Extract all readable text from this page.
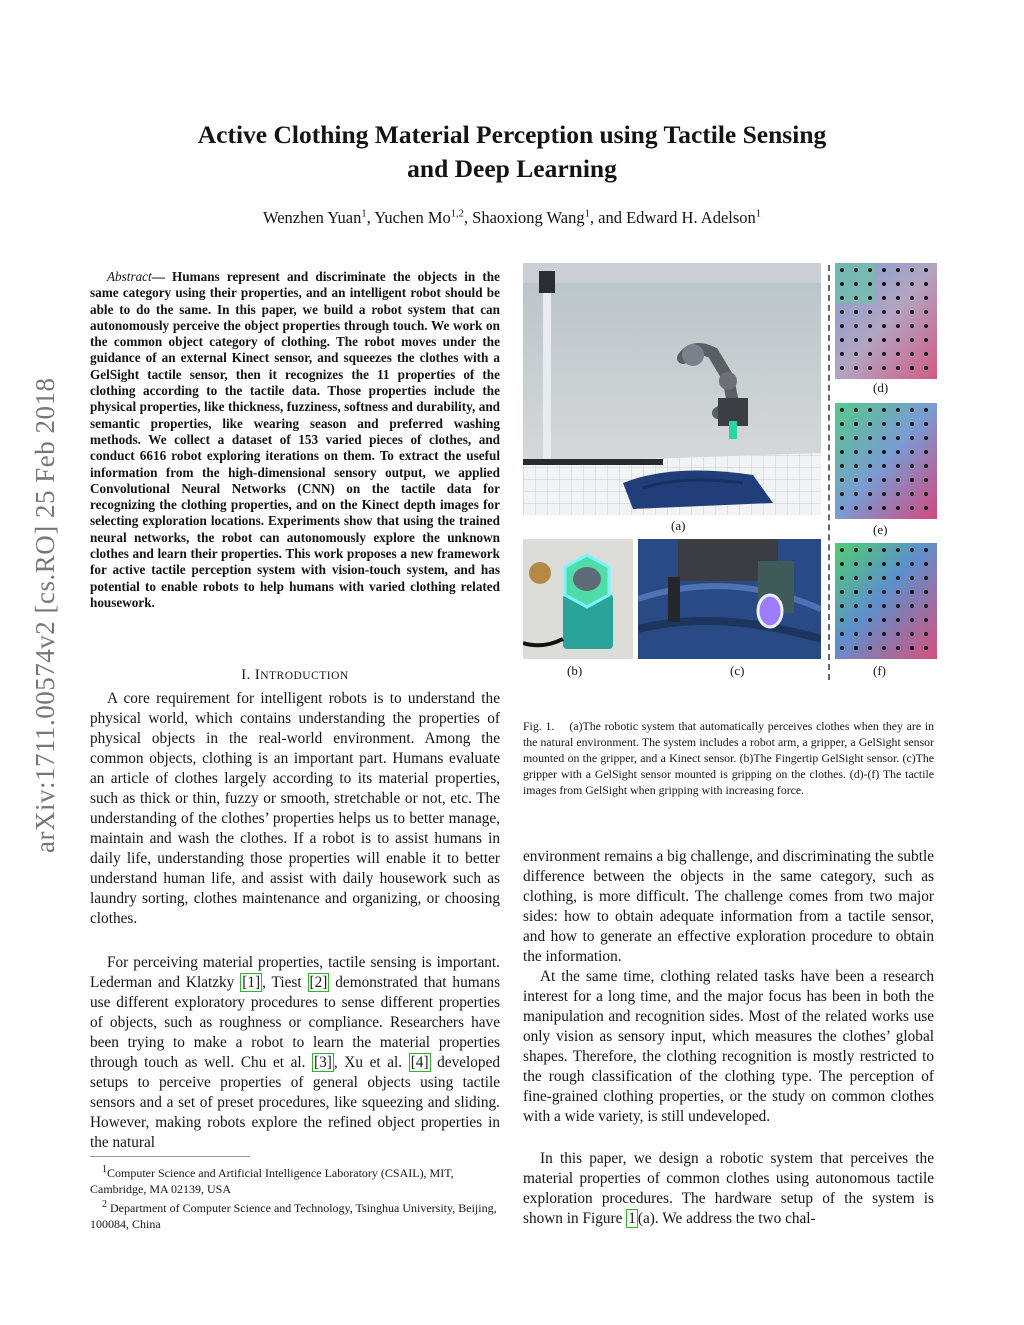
arXiv:1711.00574v2 [cs.RO] 25 Feb 2018
Active Clothing Material Perception using Tactile Sensing
and Deep Learning
Wenzhen Yuan$^1$, Yuchen Mo$^{1,2}$, Shaoxiong Wang$^1$, and Edward H. Adelson$^1$
Abstract— Humans represent and discriminate the objects in the same category using their properties, and an intelligent robot should be able to do the same. In this paper, we build a robot system that can autonomously perceive the object properties through touch. We work on the common object category of clothing. The robot moves under the guidance of an external Kinect sensor, and squeezes the clothes with a GelSight tactile sensor, then it recognizes the 11 properties of the clothing according to the tactile data. Those properties include the physical properties, like thickness, fuzziness, softness and durability, and semantic properties, like wearing season and preferred washing methods. We collect a dataset of 153 varied pieces of clothes, and conduct 6616 robot exploring iterations on them. To extract the useful information from the high-dimensional sensory output, we applied Convolutional Neural Networks (CNN) on the tactile data for recognizing the clothing properties, and on the Kinect depth images for selecting exploration locations. Experiments show that using the trained neural networks, the robot can autonomously explore the unknown clothes and learn their properties. This work proposes a new framework for active tactile perception system with vision-touch system, and has potential to enable robots to help humans with varied clothing related housework.
I. INTRODUCTION

A core requirement for intelligent robots is to understand the physical world, which contains understanding the properties of physical objects in the real-world environment. Among the common objects, clothing is an important part. Humans evaluate an article of clothes largely according to its material properties, such as thick or thin, fuzzy or smooth, stretchable or not, etc. The understanding of the clothes’ properties helps us to better manage, maintain and wash the clothes. If a robot is to assist humans in daily life, understanding those properties will enable it to better understand human life, and assist with daily housework such as laundry sorting, clothes maintenance and organizing, or choosing clothes.

For perceiving material properties, tactile sensing is important. Lederman and Klatzky [1] , Tiest [2] demonstrated that humans use different exploratory procedures to sense different properties of objects, such as roughness or compliance. Researchers have been trying to make a robot to learn the material properties through touch as well. Chu et al. [3] , Xu et al. [4] developed setups to perceive properties of general objects using tactile sensors and a set of preset procedures, like squeezing and sliding. However, making robots explore the refined object properties in the natural

$^1$Computer Science and Artificial Intelligence Laboratory (CSAIL), MIT, Cambridge, MA 02139, USA

$^2$ Department of Computer Science and Technology, Tsinghua University, Beijing, 100084, China

(a)
(b)	(c)
(d)
(e)
(f)
Fig. 1. (a)The robotic system that automatically perceives clothes when they are in the natural environment. The system includes a robot arm, a gripper, a GelSight sensor mounted on the gripper, and a Kinect sensor. (b)The Fingertip GelSight sensor. (c)The gripper with a GelSight sensor mounted is gripping on the clothes. (d)-(f) The tactile images from GelSight when gripping with increasing force.

environment remains a big challenge, and discriminating the subtle difference between the objects in the same category, such as clothing, is more difficult. The challenge comes from two major sides: how to obtain adequate information from a tactile sensor, and how to generate an effective exploration procedure to obtain the information.

At the same time, clothing related tasks have been a research interest for a long time, and the major focus has been in both the manipulation and recognition sides. Most of the related works use only vision as sensory input, which measures the clothes’ global shapes. Therefore, the clothing recognition is mostly restricted to the rough classification of the clothing type. The perception of fine-grained clothing properties, or the study on common clothes with a wide variety, is still undeveloped.

In this paper, we design a robotic system that perceives the material properties of common clothes using autonomous tactile exploration procedures. The hardware setup of the system is shown in Figure 1 (a). We address the two chal-
